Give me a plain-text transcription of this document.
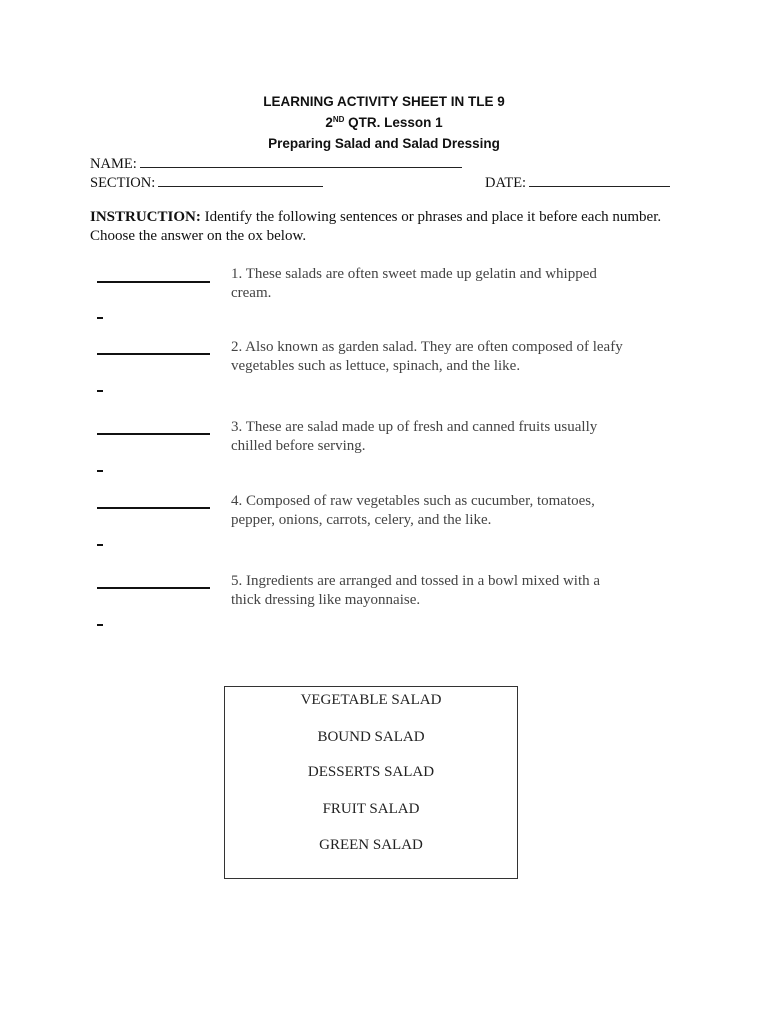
LEARNING ACTIVITY SHEET IN TLE 9
2ND QTR. Lesson 1
Preparing Salad and Salad Dressing
NAME:
SECTION:	DATE:
INSTRUCTION: Identify the following sentences or phrases and place it before each number. Choose the answer on the ox below.
1. These salads are often sweet made up gelatin and whipped cream.
2. Also known as garden salad. They are often composed of leafy vegetables such as lettuce, spinach, and the like.
3. These are salad made up of fresh and canned fruits usually chilled before serving.
4. Composed of raw vegetables such as cucumber, tomatoes, pepper, onions, carrots, celery, and the like.
5. Ingredients are arranged and tossed in a bowl mixed with a thick dressing like mayonnaise.
VEGETABLE SALAD
BOUND SALAD
DESSERTS SALAD
FRUIT SALAD
GREEN SALAD
